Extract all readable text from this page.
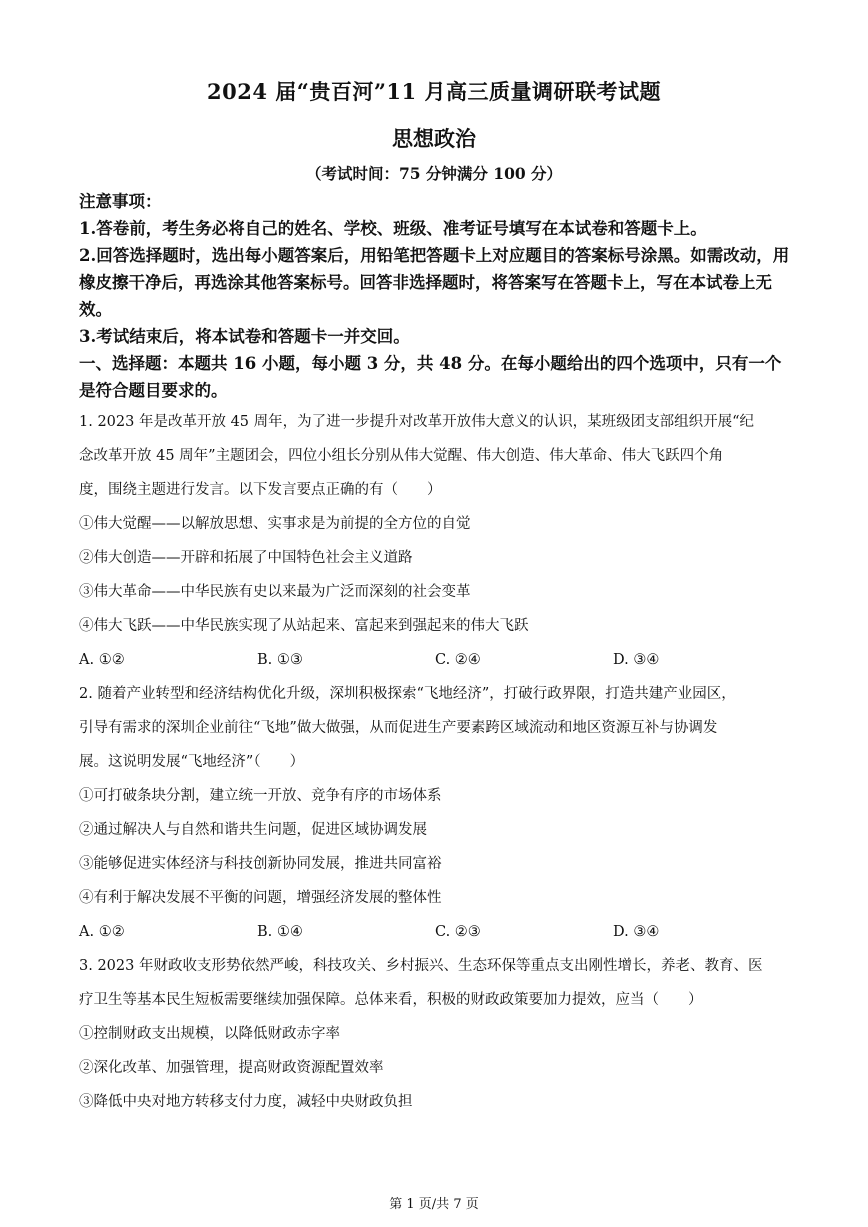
2024 届“贵百河”11 月高三质量调研联考试题
思想政治
（考试时间：75 分钟满分 100 分）

注意事项：

1.答卷前，考生务必将自己的姓名、学校、班级、准考证号填写在本试卷和答题卡上。

2.回答选择题时，选出每小题答案后，用铅笔把答题卡上对应题目的答案标号涂黑。如需改动，用橡皮擦干净后，再选涂其他答案标号。回答非选择题时，将答案写在答题卡上，写在本试卷上无效。

3.考试结束后，将本试卷和答题卡一并交回。

一、选择题：本题共 16 小题，每小题 3 分，共 48 分。在每小题给出的四个选项中，只有一个是符合题目要求的。

1. 2023 年是改革开放 45 周年，为了进一步提升对改革开放伟大意义的认识，某班级团支部组织开展“纪

念改革开放 45 周年”主题团会，四位小组长分别从伟大觉醒、伟大创造、伟大革命、伟大飞跃四个角

度，围绕主题进行发言。以下发言要点正确的有（　　）

①伟大觉醒——以解放思想、实事求是为前提的全方位的自觉

②伟大创造——开辟和拓展了中国特色社会主义道路

③伟大革命——中华民族有史以来最为广泛而深刻的社会变革

④伟大飞跃——中华民族实现了从站起来、富起来到强起来的伟大飞跃

A. ①②	B. ①③	C. ②④	D. ③④

2. 随着产业转型和经济结构优化升级，深圳积极探索“飞地经济”，打破行政界限，打造共建产业园区，

引导有需求的深圳企业前往“飞地”做大做强，从而促进生产要素跨区域流动和地区资源互补与协调发

展。这说明发展“飞地经济”（　　）

①可打破条块分割，建立统一开放、竞争有序的市场体系

②通过解决人与自然和谐共生问题，促进区域协调发展

③能够促进实体经济与科技创新协同发展，推进共同富裕

④有利于解决发展不平衡的问题，增强经济发展的整体性

A. ①②	B. ①④	C. ②③	D. ③④

3. 2023 年财政收支形势依然严峻，科技攻关、乡村振兴、生态环保等重点支出刚性增长，养老、教育、医

疗卫生等基本民生短板需要继续加强保障。总体来看，积极的财政政策要加力提效，应当（　　）

①控制财政支出规模，以降低财政赤字率

②深化改革、加强管理，提高财政资源配置效率

③降低中央对地方转移支付力度，减轻中央财政负担

第 1 页/共 7 页
